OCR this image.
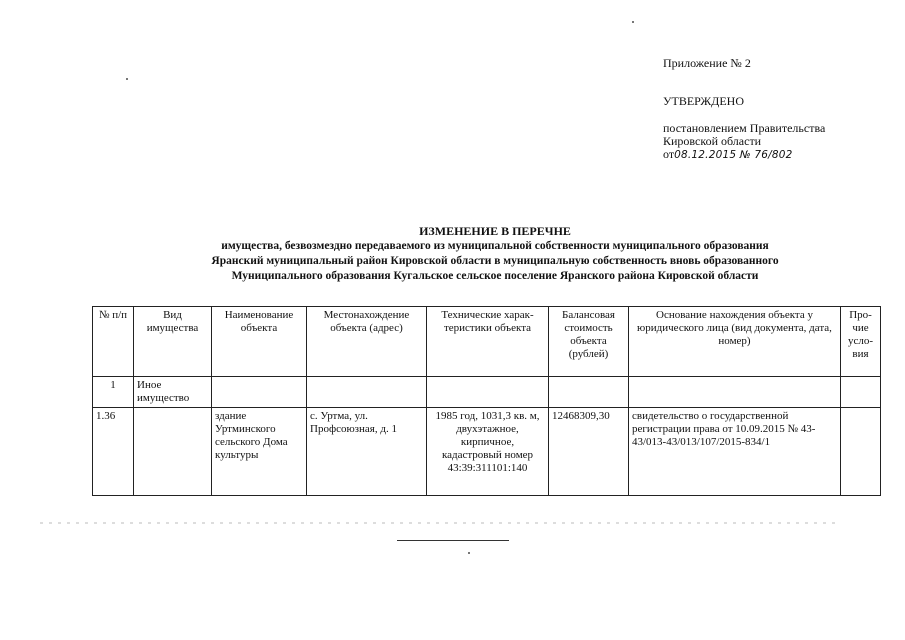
Приложение № 2
УТВЕРЖДЕНО
постановлением Правительства
Кировской области
от08.12.2015 № 76/802
ИЗМЕНЕНИЕ В ПЕРЕЧНЕ
имущества, безвозмездно передаваемого из муниципальной собственности муниципального образования
Яранский муниципальный район Кировской области в муниципальную собственность вновь образованного
Муниципального образования Кугальское сельское поселение Яранского района Кировской области
№ п/п	Вид имущества	Наименование объекта	Местонахождение объекта (адрес)	Технические харак-теристики объекта	Балансовая стоимость объекта (рублей)	Основание нахождения объекта у юридического лица (вид документа, дата, номер)	Про-чие усло-вия
1	Иное имущество						
1.36		здание Уртминского сельского Дома культуры	с. Уртма, ул. Профсоюзная, д. 1	1985 год, 1031,3 кв. м, двухэтажное, кирпичное, кадастровый номер 43:39:311101:140	12468309,30	свидетельство о государственной регистрации права от 10.09.2015 № 43-43/013-43/013/107/2015-834/1	
